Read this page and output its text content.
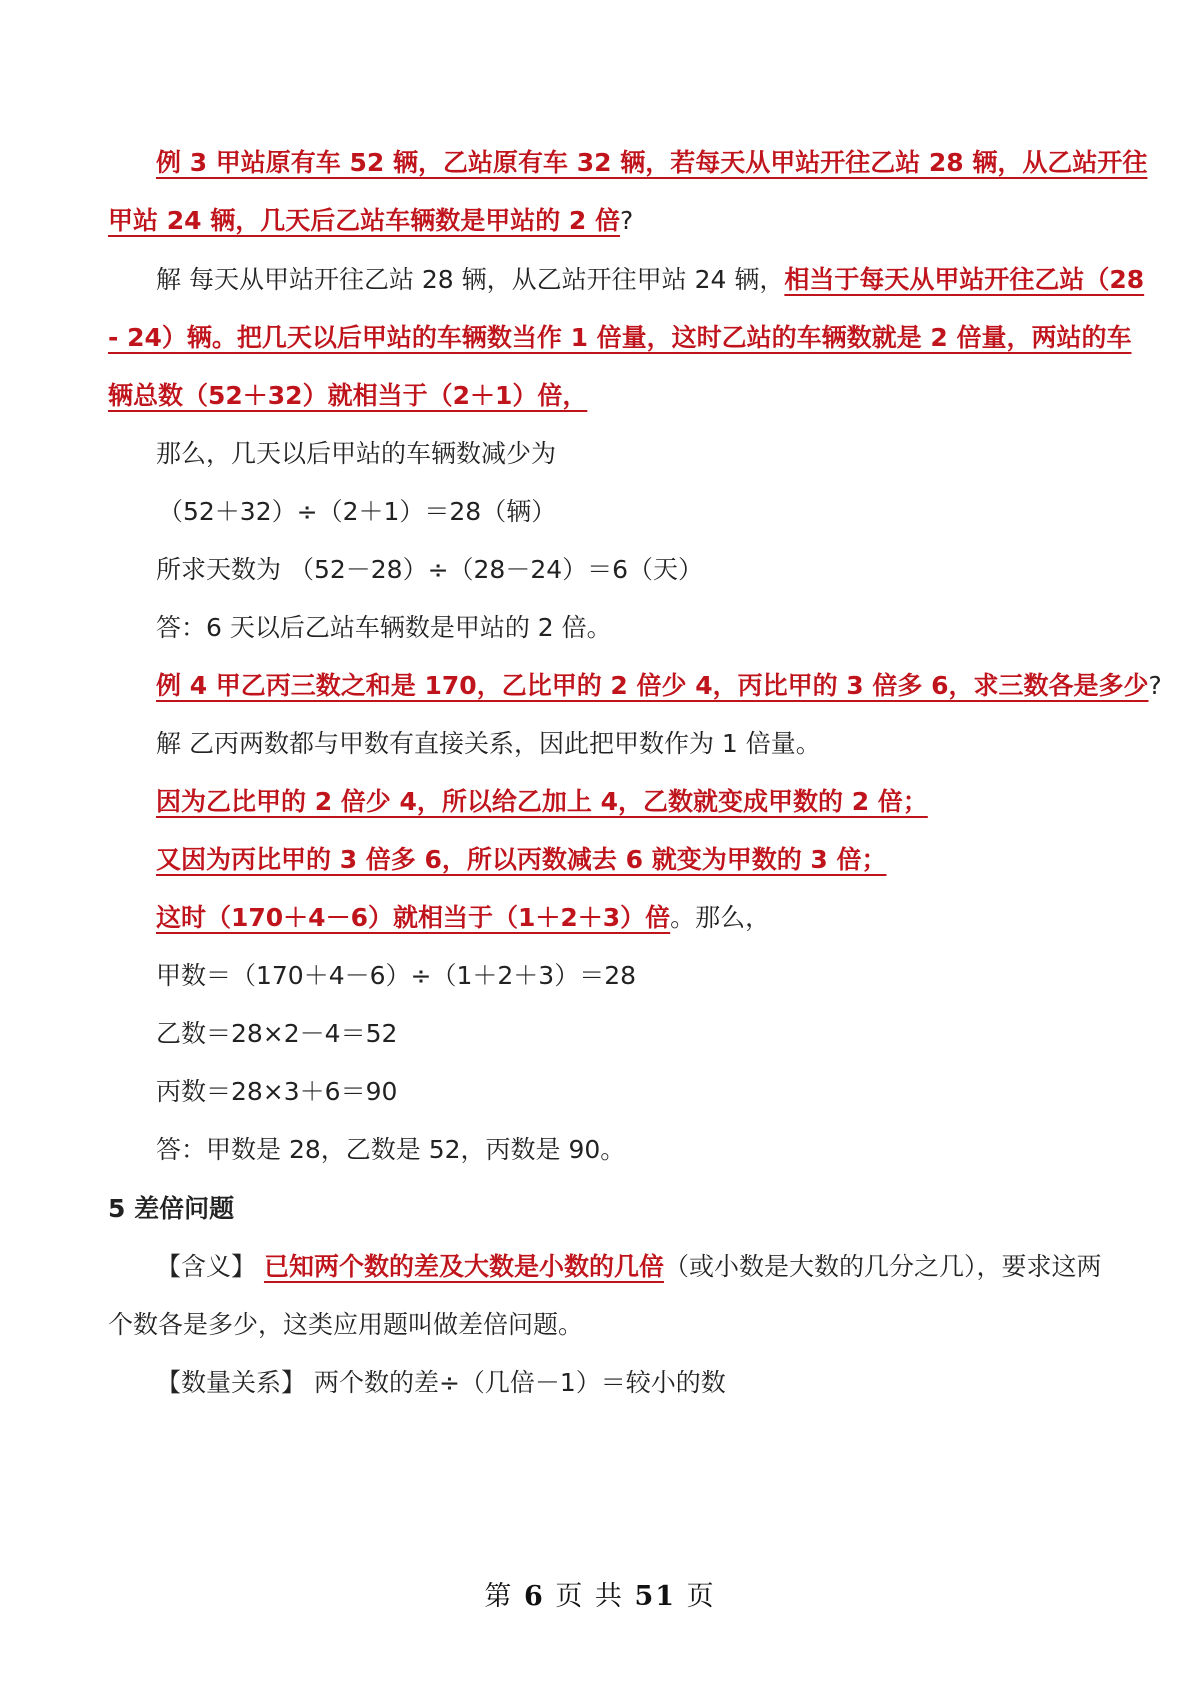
例 3 甲站原有车 52 辆，乙站原有车 32 辆，若每天从甲站开往乙站 28 辆，从乙站开往
甲站 24 辆，几天后乙站车辆数是甲站的 2 倍?
解 每天从甲站开往乙站 28 辆，从乙站开往甲站 24 辆，相当于每天从甲站开往乙站（28
- 24）辆。把几天以后甲站的车辆数当作 1 倍量，这时乙站的车辆数就是 2 倍量，两站的车
辆总数（52＋32）就相当于（2＋1）倍，
那么，几天以后甲站的车辆数减少为
（52＋32）÷（2＋1）＝28（辆）
所求天数为 （52－28）÷（28－24）＝6（天）
答：6 天以后乙站车辆数是甲站的 2 倍。
例 4 甲乙丙三数之和是 170，乙比甲的 2 倍少 4，丙比甲的 3 倍多 6，求三数各是多少?
解 乙丙两数都与甲数有直接关系，因此把甲数作为 1 倍量。
因为乙比甲的 2 倍少 4，所以给乙加上 4，乙数就变成甲数的 2 倍；
又因为丙比甲的 3 倍多 6，所以丙数减去 6 就变为甲数的 3 倍；
这时（170＋4－6）就相当于（1＋2＋3）倍。那么，
甲数＝（170＋4－6）÷（1＋2＋3）＝28
乙数＝28×2－4＝52
丙数＝28×3＋6＝90
答：甲数是 28，乙数是 52，丙数是 90。
5 差倍问题
【含义】 已知两个数的差及大数是小数的几倍（或小数是大数的几分之几），要求这两
个数各是多少，这类应用题叫做差倍问题。
【数量关系】 两个数的差÷（几倍－1）＝较小的数
第 6 页 共 51 页
